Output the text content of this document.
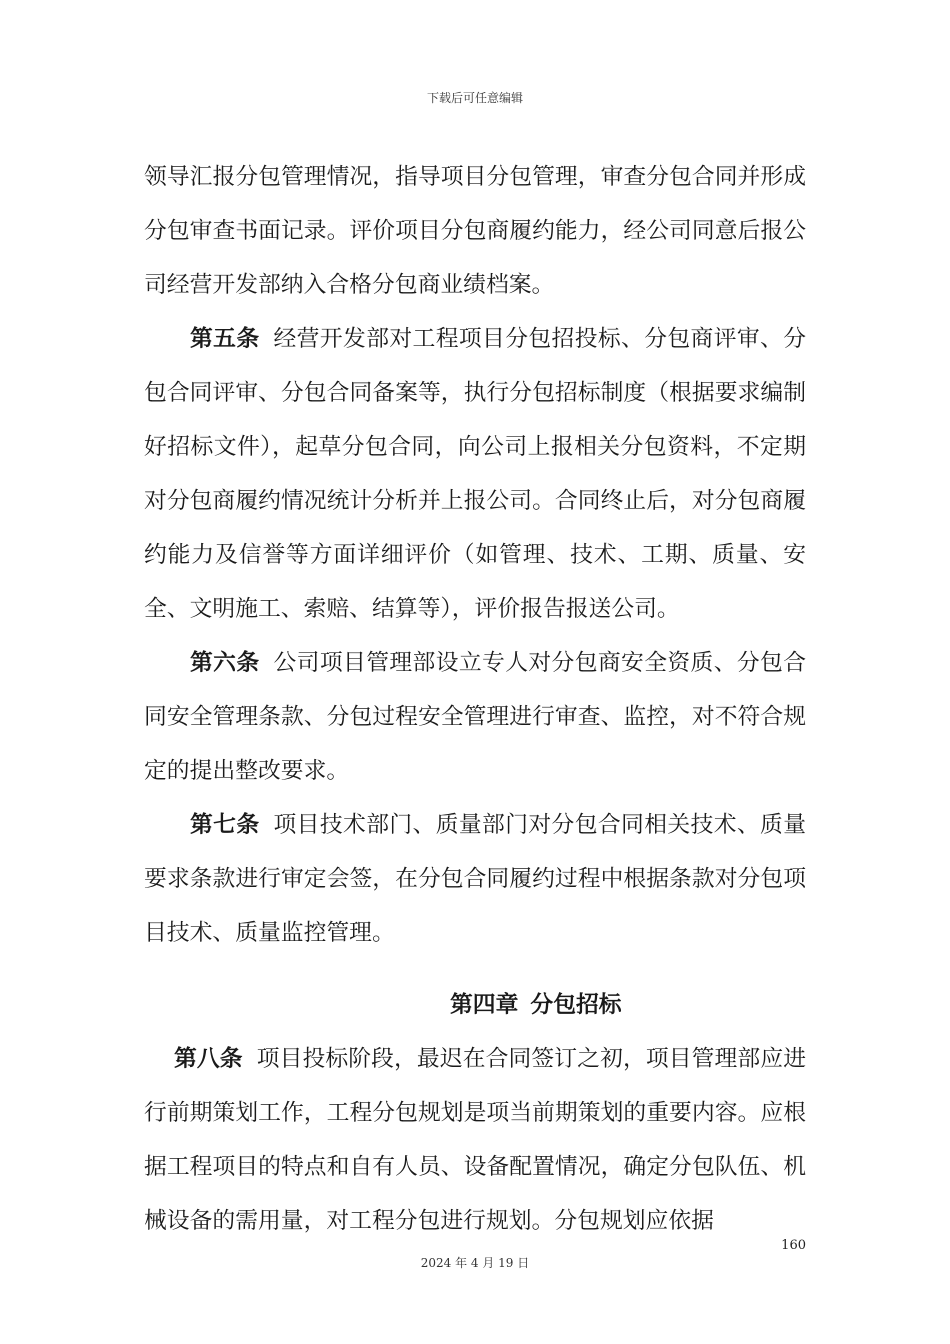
下载后可任意编辑

领导汇报分包管理情况，指导项目分包管理，审查分包合同并形成分包审查书面记录。评价项目分包商履约能力，经公司同意后报公司经营开发部纳入合格分包商业绩档案。

第五条 经营开发部对工程项目分包招投标、分包商评审、分包合同评审、分包合同备案等，执行分包招标制度（根据要求编制好招标文件），起草分包合同，向公司上报相关分包资料，不定期对分包商履约情况统计分析并上报公司。合同终止后，对分包商履约能力及信誉等方面详细评价（如管理、技术、工期、质量、安全、文明施工、索赔、结算等），评价报告报送公司。

第六条 公司项目管理部设立专人对分包商安全资质、分包合同安全管理条款、分包过程安全管理进行审查、监控，对不符合规定的提出整改要求。

第七条 项目技术部门、质量部门对分包合同相关技术、质量要求条款进行审定会签，在分包合同履约过程中根据条款对分包项目技术、质量监控管理。

第四章 分包招标

第八条 项目投标阶段，最迟在合同签订之初，项目管理部应进行前期策划工作，工程分包规划是项当前期策划的重要内容。应根据工程项目的特点和自有人员、设备配置情况，确定分包队伍、机械设备的需用量，对工程分包进行规划。分包规划应依据

160
2024 年 4 月 19 日
